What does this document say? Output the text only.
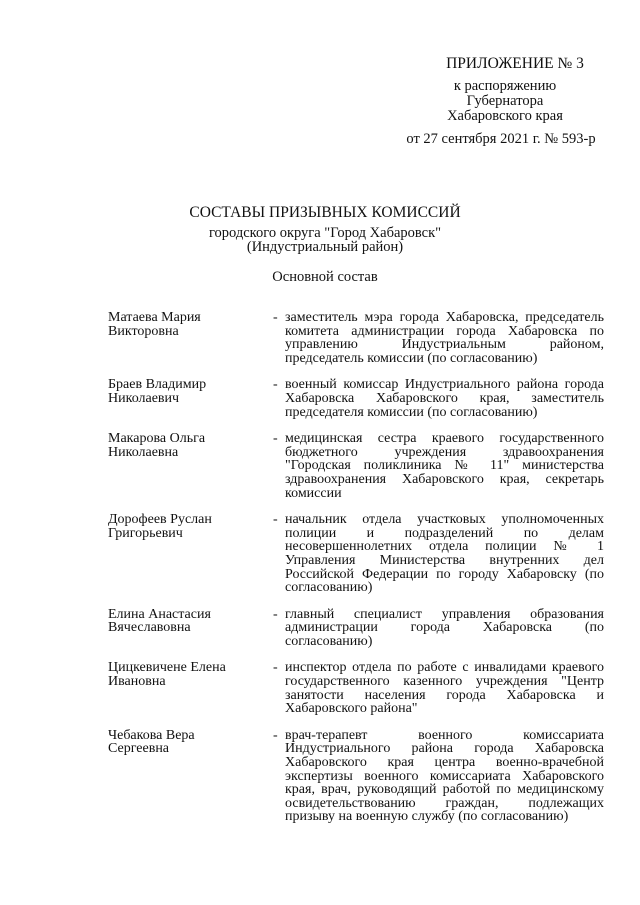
ПРИЛОЖЕНИЕ № 3
к распоряжению
Губернатора
Хабаровского края
от 27 сентября 2021 г. № 593-р
СОСТАВЫ ПРИЗЫВНЫХ КОМИССИЙ
городского округа "Город Хабаровск"
(Индустриальный район)
Основной состав
Матаева Мария
Викторовна
- заместитель мэра города Хабаровска, председатель комитета администрации города Хабаровска по управлению Индустриальным районом, председатель комиссии (по согласованию)
Браев Владимир
Николаевич
- военный комиссар Индустриального района города Хабаровска Хабаровского края, заместитель председателя комиссии (по согласованию)
Макарова Ольга
Николаевна
- медицинская сестра краевого государственного бюджетного учреждения здравоохранения "Городская поликлиника № 11" министерства здравоохранения Хабаровского края, секретарь комиссии
Дорофеев Руслан
Григорьевич
- начальник отдела участковых уполномоченных полиции и подразделений по делам несовершеннолетних отдела полиции № 1 Управления Министерства внутренних дел Российской Федерации по городу Хабаровску (по согласованию)
Елина Анастасия
Вячеславовна
- главный специалист управления образования администрации города Хабаровска (по согласованию)
Цицкевичене Елена
Ивановна
- инспектор отдела по работе с инвалидами краевого государственного казенного учреждения "Центр занятости населения города Хабаровска и Хабаровского района"
Чебакова Вера
Сергеевна
- врач-терапевт военного комиссариата Индустриального района города Хабаровска Хабаровского края центра военно-врачебной экспертизы военного комиссариата Хабаровского края, врач, руководящий работой по медицинскому освидетельствованию граждан, подлежащих призыву на военную службу (по согласованию)
